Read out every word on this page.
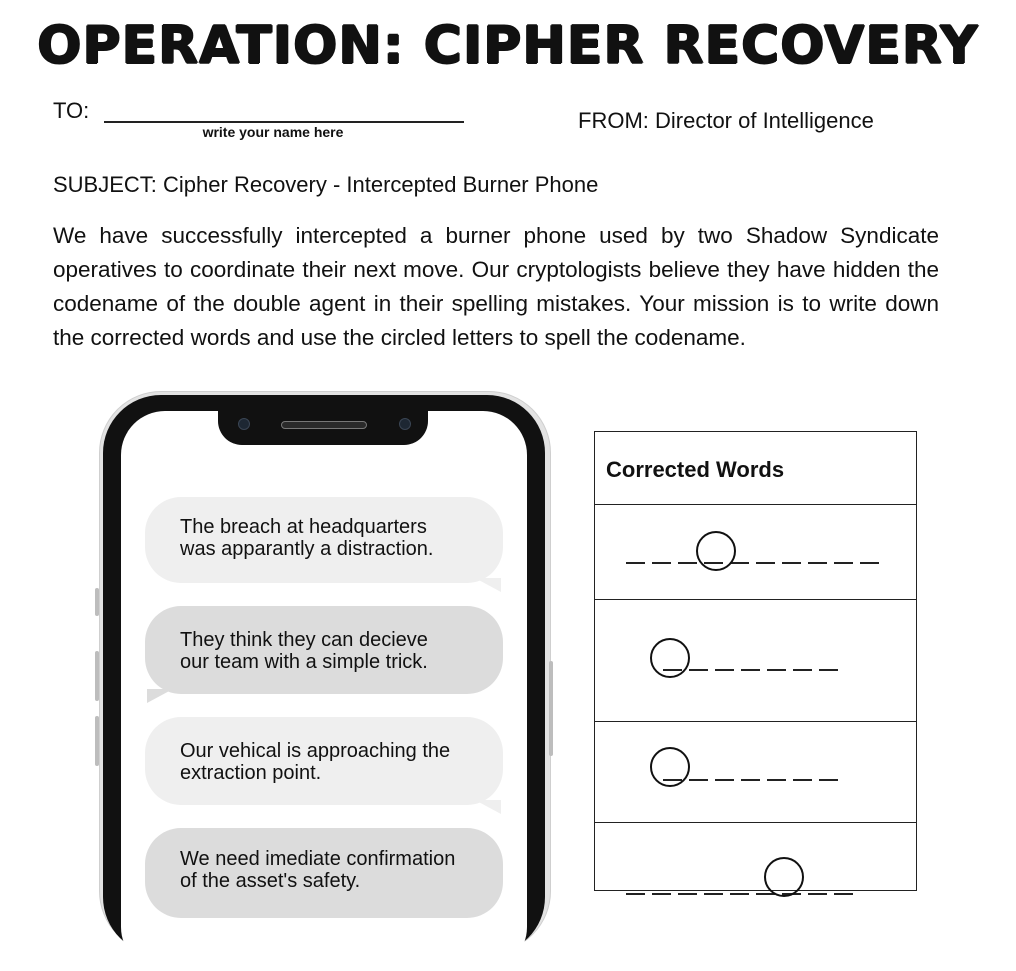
OPERATION: CIPHER RECOVERY
TO:
write your name here	FROM: Director of Intelligence
SUBJECT: Cipher Recovery - Intercepted Burner Phone

We have successfully intercepted a burner phone used by two Shadow Syndicate operatives to coordinate their next move. Our cryptologists believe they have hidden the codename of the double agent in their spelling mistakes. Your mission is to write down the corrected words and use the circled letters to spell the codename.

The breach at headquarters
was apparantly a distraction.
They think they can decieve
our team with a simple trick.
Our vehical is approaching the
extraction point.
We need imediate confirmation
of the asset's safety.
Corrected Words
